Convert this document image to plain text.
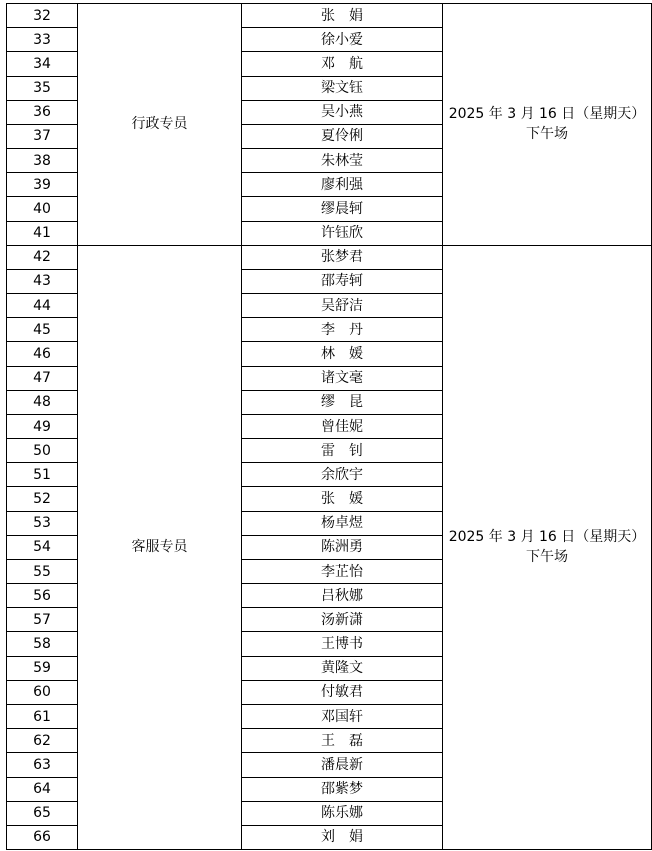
32	行政专员	张　娟	2025 年 3 月 16 日（星期天）
下午场

33		徐小爱	
34		邓　航	
35		梁文钰	
36		吴小燕	
37		夏伶俐	
38		朱林莹	
39		廖利强	
40		缪晨轲	
41		许钰欣	
42	客服专员	张梦君	2025 年 3 月 16 日（星期天）
下午场

43		邵寿轲	
44		吴舒洁	
45		李　丹	
46		林　媛	
47		诸文毫	
48		缪　昆	
49		曾佳妮	
50		雷　钊	
51		余欣宇	
52		张　媛	
53		杨卓煜	
54		陈洲勇	
55		李芷怡	
56		吕秋娜	
57		汤新潇	
58		王博书	
59		黄隆文	
60		付敏君	
61		邓国轩	
62		王　磊	
63		潘晨新	
64		邵紫梦	
65		陈乐娜	
66		刘　娟	
